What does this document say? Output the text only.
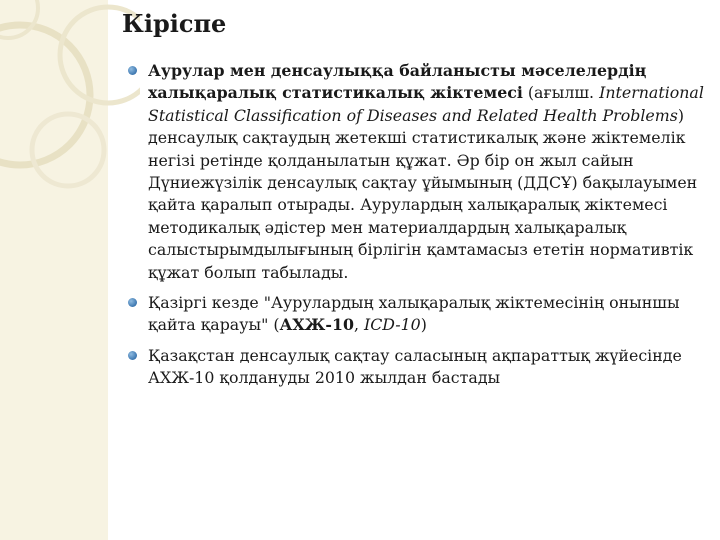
Кіріспе
Аурулар мен денсаулыққа байланысты мәселелердің халықаралық статистикалық жіктемесі (ағылш. International Statistical Classification of Diseases and Related Health Problems) денсаулық сақтаудың жетекші статистикалық және жіктемелік негізі ретінде қолданылатын құжат. Әр бір он жыл сайын Дүниежүзілік денсаулық сақтау ұйымының (ДДСҰ) бақылауымен қайта қаралып отырады. Аурулардың халықаралық жіктемесі методикалық әдістер мен материалдардың халықаралық салыстырымдылығының бірлігін қамтамасыз ететін нормативтік құжат болып табылады.
Қазіргі кезде "Аурулардың халықаралық жіктемесінің оныншы қайта қарауы" (АХЖ-10, ICD-10)
Қазақстан денсаулық сақтау саласының ақпараттық жүйесінде АХЖ-10 қолдануды 2010 жылдан бастады
